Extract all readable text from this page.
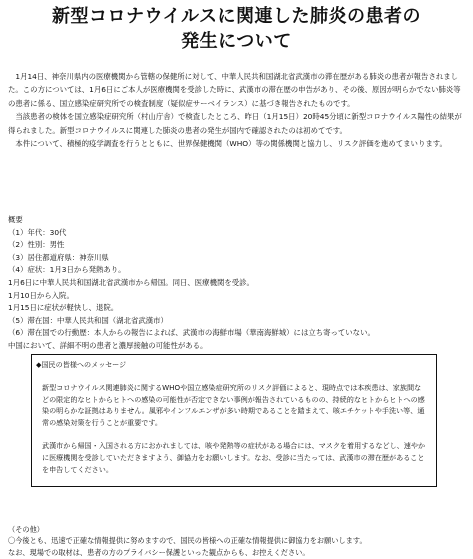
新型コロナウイルスに関連した肺炎の患者の
発生について

　1月14日、神奈川県内の医療機関から管轄の保健所に対して、中華人民共和国湖北省武漢市の滞在歴がある肺炎の患者が報告されました。この方については、1月6日にご本人が医療機関を受診した時に、武漢市の滞在歴の申告があり、その後、原因が明らかでない肺炎等の患者に係る、国立感染症研究所での検査制度（疑似症サーベイランス）に基づき報告されたものです。

　当該患者の検体を国立感染症研究所（村山庁舎）で検査したところ、昨日（1月15日）20時45分頃に新型コロナウイルス陽性の結果が得られました。新型コロナウイルスに関連した肺炎の患者の発生が国内で確認されたのは初めてです。

　本件について、積極的疫学調査を行うとともに、世界保健機関（WHO）等の関係機関と協力し、リスク評価を進めてまいります。

概要
（1）年代：30代
（2）性別：男性
（3）居住都道府県：神奈川県
（4）症状：1月3日から発熱あり。
1月6日に中華人民共和国湖北省武漢市から帰国。同日、医療機関を受診。
1月10日から入院。
1月15日に症状が軽快し、退院。
（5）滞在国：中華人民共和国（湖北省武漢市）
（6）滞在国での行動歴：本人からの報告によれば、武漢市の海鮮市場（華南海鮮城）には立ち寄っていない。
中国において、詳細不明の患者と濃厚接触の可能性がある。
◆国民の皆様へのメッセージ

新型コロナウイルス関連肺炎に関するWHOや国立感染症研究所のリスク評価によると、現時点では本疾患は、家族間などの限定的なヒトからヒトへの感染の可能性が否定できない事例が報告されているものの、持続的なヒトからヒトへの感染の明らかな証拠はありません。風邪やインフルエンザが多い時期であることを踏まえて、咳エチケットや手洗い等、通常の感染対策を行うことが重要です。

武漢市から帰国・入国される方におかれましては、咳や発熱等の症状がある場合には、マスクを着用するなどし、速やかに医療機関を受診していただきますよう、御協力をお願いします。なお、受診に当たっては、武漢市の滞在歴があることを申告してください。

（その他）
〇今後とも、迅速で正確な情報提供に努めますので、国民の皆様への正確な情報提供に御協力をお願いします。
なお、現場での取材は、患者の方のプライバシー保護といった観点からも、お控えください。
